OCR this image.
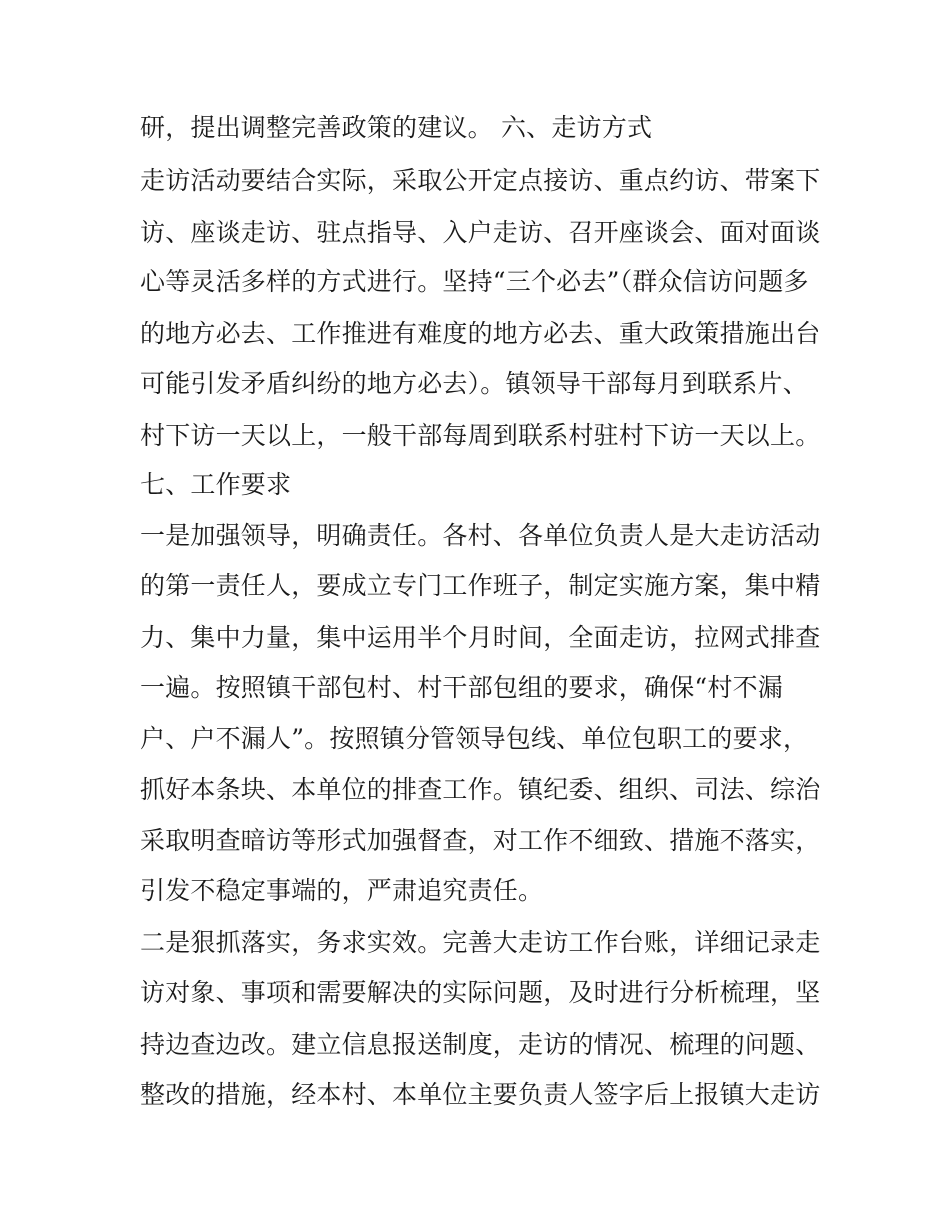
研，提出调整完善政策的建议。 六、走访方式
走访活动要结合实际，采取公开定点接访、重点约访、带案下
访、座谈走访、驻点指导、入户走访、召开座谈会、面对面谈
心等灵活多样的方式进行。坚持“三个必去”（群众信访问题多
的地方必去、工作推进有难度的地方必去、重大政策措施出台
可能引发矛盾纠纷的地方必去）。镇领导干部每月到联系片、
村下访一天以上，一般干部每周到联系村驻村下访一天以上。
七、工作要求
一是加强领导，明确责任。各村、各单位负责人是大走访活动
的第一责任人，要成立专门工作班子，制定实施方案，集中精
力、集中力量，集中运用半个月时间，全面走访，拉网式排查
一遍。按照镇干部包村、村干部包组的要求，确保“村不漏
户、户不漏人”。按照镇分管领导包线、单位包职工的要求，
抓好本条块、本单位的排查工作。镇纪委、组织、司法、综治
采取明查暗访等形式加强督查，对工作不细致、措施不落实，
引发不稳定事端的，严肃追究责任。
二是狠抓落实，务求实效。完善大走访工作台账，详细记录走
访对象、事项和需要解决的实际问题，及时进行分析梳理，坚
持边查边改。建立信息报送制度，走访的情况、梳理的问题、
整改的措施，经本村、本单位主要负责人签字后上报镇大走访
